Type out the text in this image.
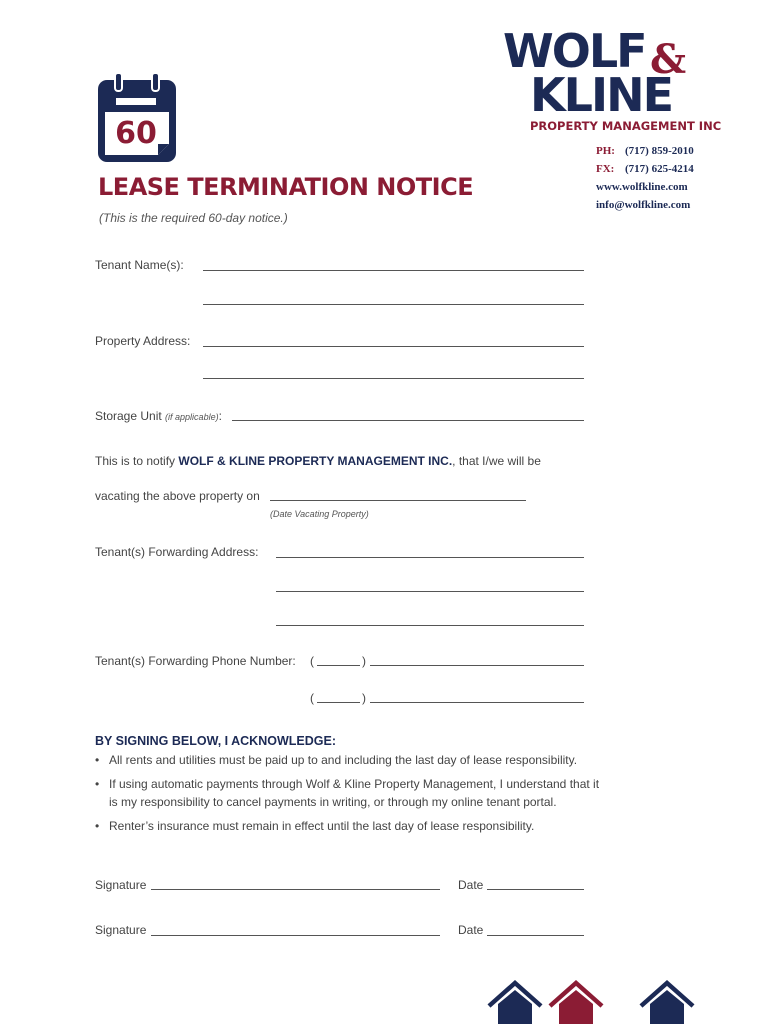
60
WOLF &
KLINE
PROPERTY MANAGEMENT INC
PH: (717) 859-2010
FX: (717) 625-4214
www.wolfkline.com
info@wolfkline.com
LEASE TERMINATION NOTICE
(This is the required 60-day notice.)
Tenant Name(s):
Property Address:
Storage Unit (if applicable):
This is to notify WOLF & KLINE PROPERTY MANAGEMENT INC., that I/we will be
vacating the above property on
(Date Vacating Property)
Tenant(s) Forwarding Address:
Tenant(s) Forwarding Phone Number: (	)
(	)
BY SIGNING BELOW, I ACKNOWLEDGE:
• All rents and utilities must be paid up to and including the last day of lease responsibility.
• If using automatic payments through Wolf & Kline Property Management, I understand that it is my responsibility to cancel payments in writing, or through my online tenant portal.
• Renter’s insurance must remain in effect until the last day of lease responsibility.
Signature	Date
Signature	Date
